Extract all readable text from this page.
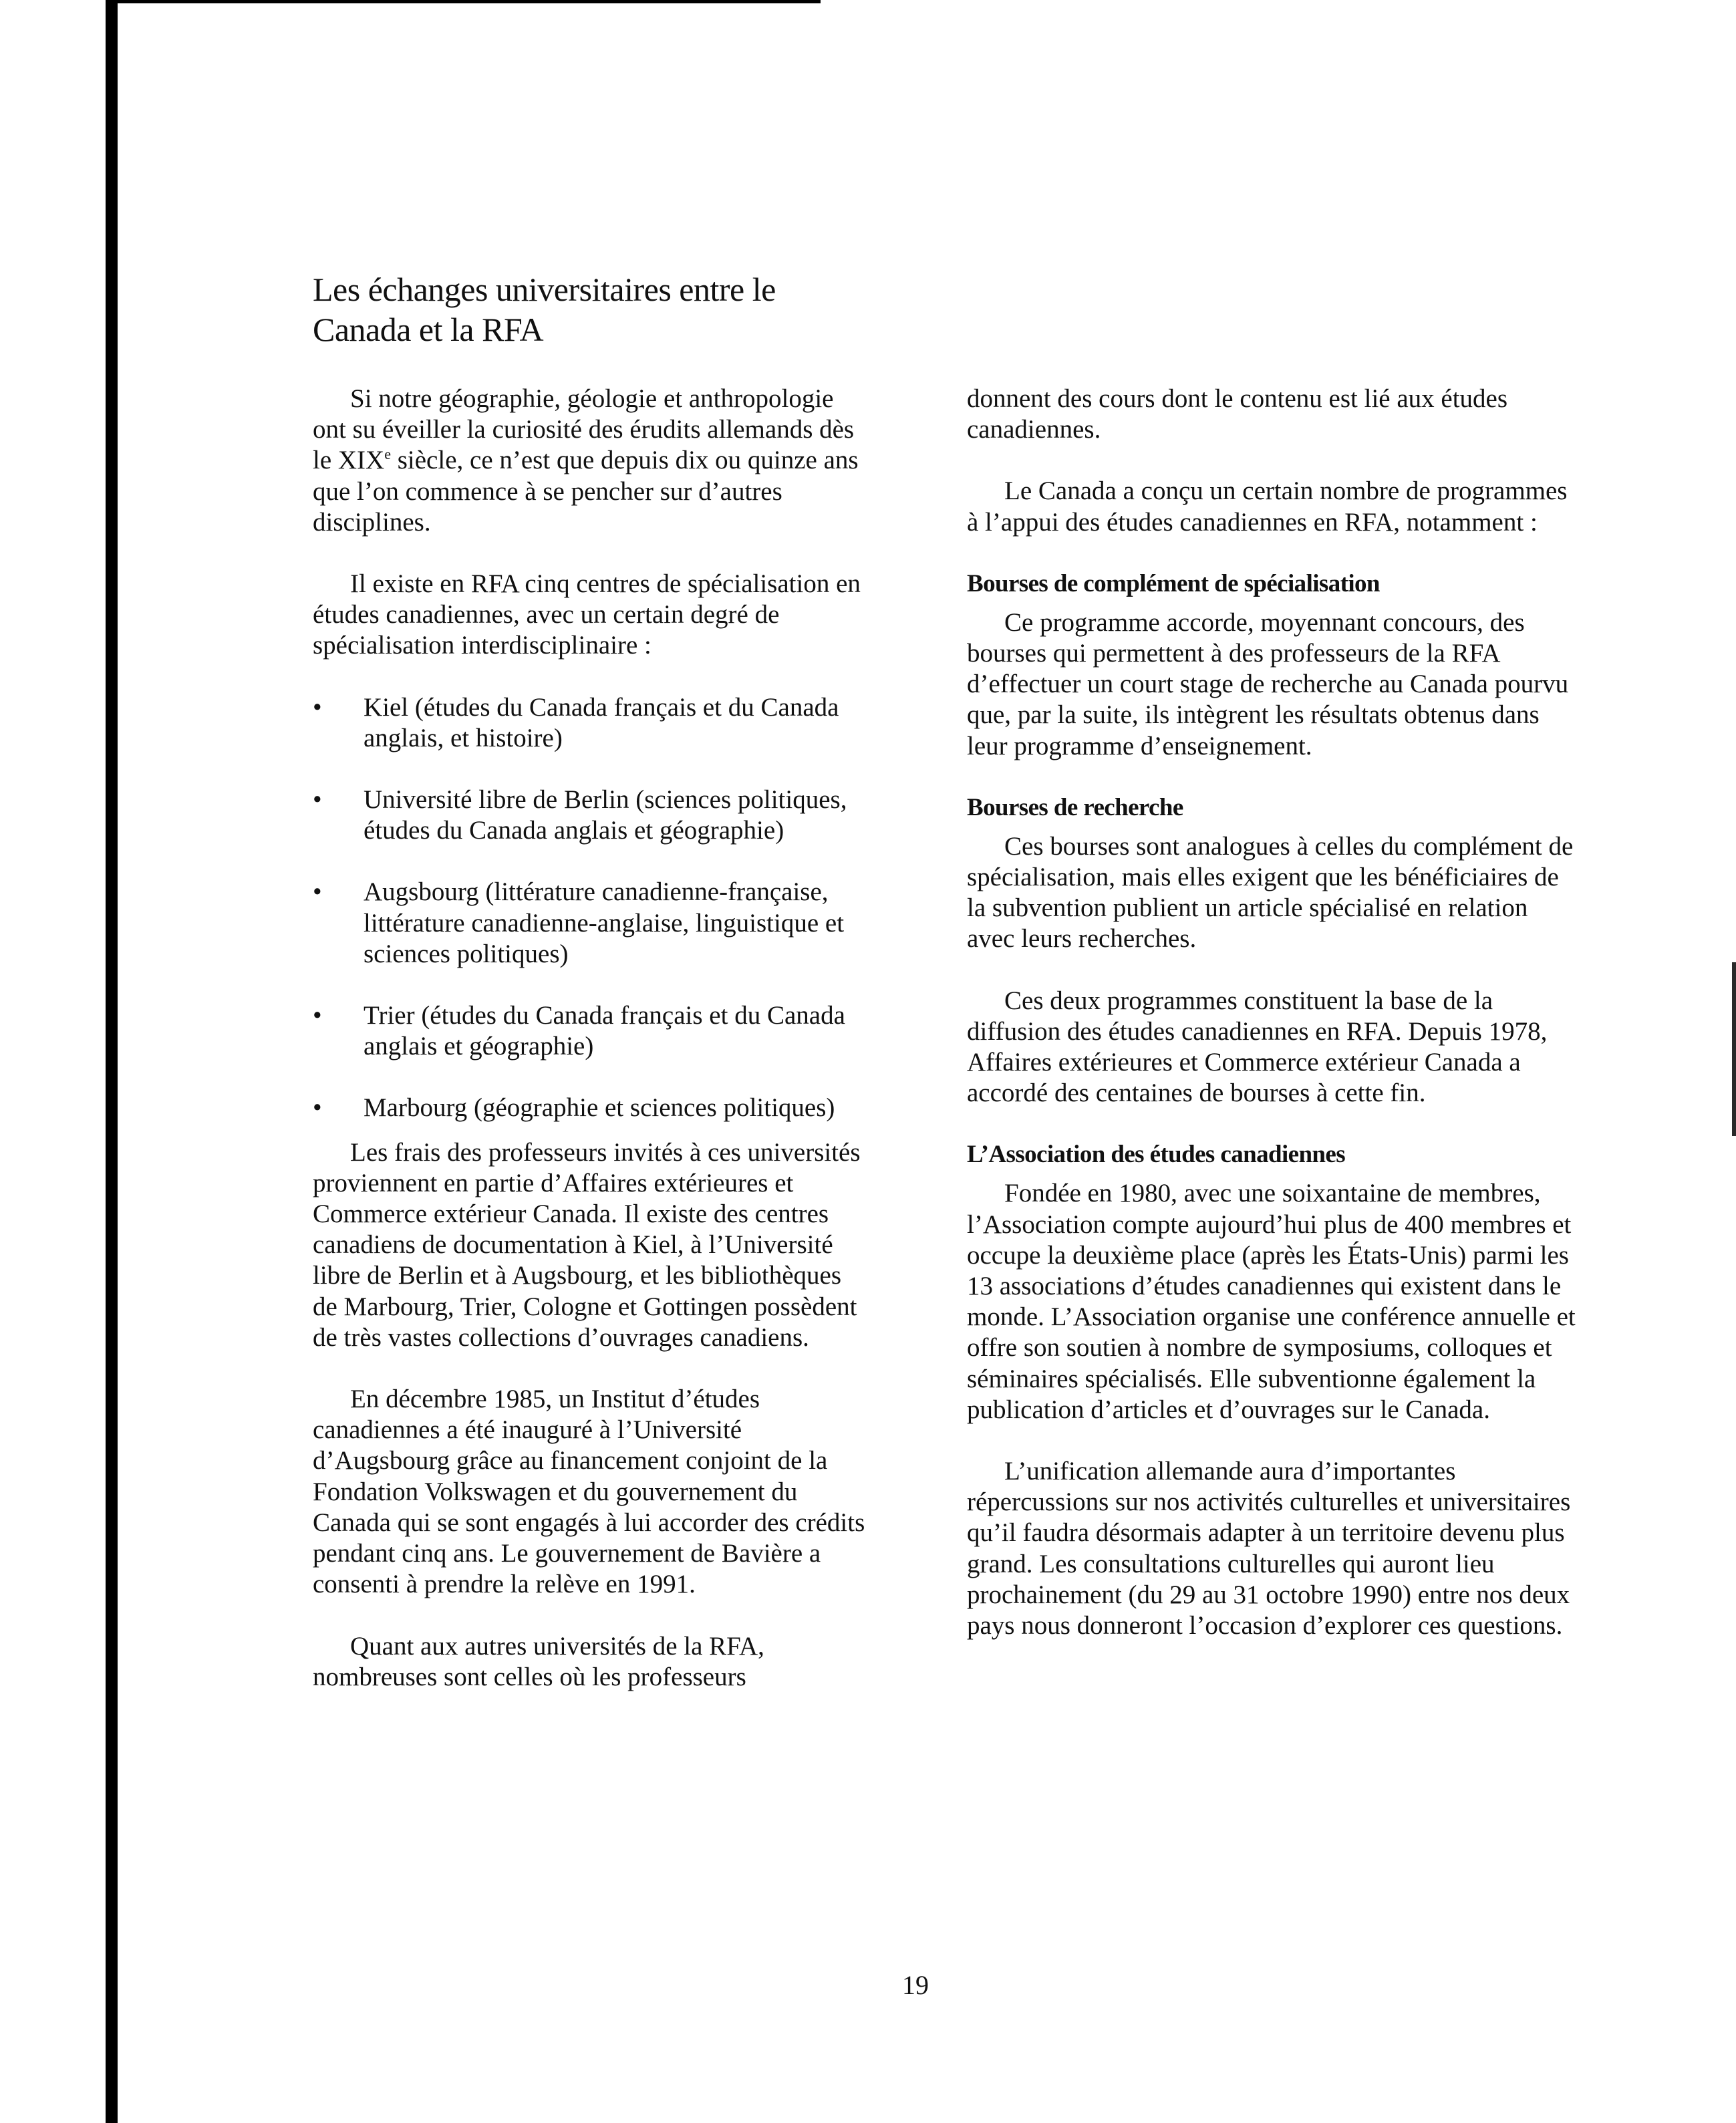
Les échanges universitaires entre le
Canada et la RFA

Si notre géographie, géologie et anthropologie ont su éveiller la curiosité des érudits allemands dès le XIXe siècle, ce n’est que depuis dix ou quinze ans que l’on commence à se pencher sur d’autres disciplines.

Il existe en RFA cinq centres de spécialisation en études canadiennes, avec un certain degré de spécialisation interdisciplinaire :

•	Kiel (études du Canada français et du Canada anglais, et histoire)
•	Université libre de Berlin (sciences politiques, études du Canada anglais et géographie)
•	Augsbourg (littérature canadienne-française, littérature canadienne-anglaise, linguistique et sciences politiques)
•	Trier (études du Canada français et du Canada anglais et géographie)
•	Marbourg (géographie et sciences politiques)

Les frais des professeurs invités à ces universités proviennent en partie d’Affaires extérieures et Commerce extérieur Canada. Il existe des centres canadiens de documentation à Kiel, à l’Université libre de Berlin et à Augsbourg, et les bibliothèques de Marbourg, Trier, Cologne et Gottingen possèdent de très vastes collections d’ouvrages canadiens.

En décembre 1985, un Institut d’études canadiennes a été inauguré à l’Université d’Augsbourg grâce au financement conjoint de la Fondation Volkswagen et du gouvernement du Canada qui se sont engagés à lui accorder des crédits pendant cinq ans. Le gouvernement de Bavière a consenti à prendre la relève en 1991.

Quant aux autres universités de la RFA, nombreuses sont celles où les professeurs

donnent des cours dont le contenu est lié aux études canadiennes.

Le Canada a conçu un certain nombre de programmes à l’appui des études canadiennes en RFA, notamment :

Bourses de complément de spécialisation

Ce programme accorde, moyennant concours, des bourses qui permettent à des professeurs de la RFA d’effectuer un court stage de recherche au Canada pourvu que, par la suite, ils intègrent les résultats obtenus dans leur programme d’enseignement.

Bourses de recherche

Ces bourses sont analogues à celles du complément de spécialisation, mais elles exigent que les bénéficiaires de la subvention publient un article spécialisé en relation avec leurs recherches.

Ces deux programmes constituent la base de la diffusion des études canadiennes en RFA. Depuis 1978, Affaires extérieures et Commerce extérieur Canada a accordé des centaines de bourses à cette fin.

L’Association des études canadiennes

Fondée en 1980, avec une soixantaine de membres, l’Association compte aujourd’hui plus de 400 membres et occupe la deuxième place (après les États-Unis) parmi les 13 associations d’études canadiennes qui existent dans le monde. L’Association organise une conférence annuelle et offre son soutien à nombre de symposiums, colloques et séminaires spécialisés. Elle subventionne également la publication d’articles et d’ouvrages sur le Canada.

L’unification allemande aura d’importantes répercussions sur nos activités culturelles et universitaires qu’il faudra désormais adapter à un territoire devenu plus grand. Les consultations culturelles qui auront lieu prochainement (du 29 au 31 octobre 1990) entre nos deux pays nous donneront l’occasion d’explorer ces questions.

19
